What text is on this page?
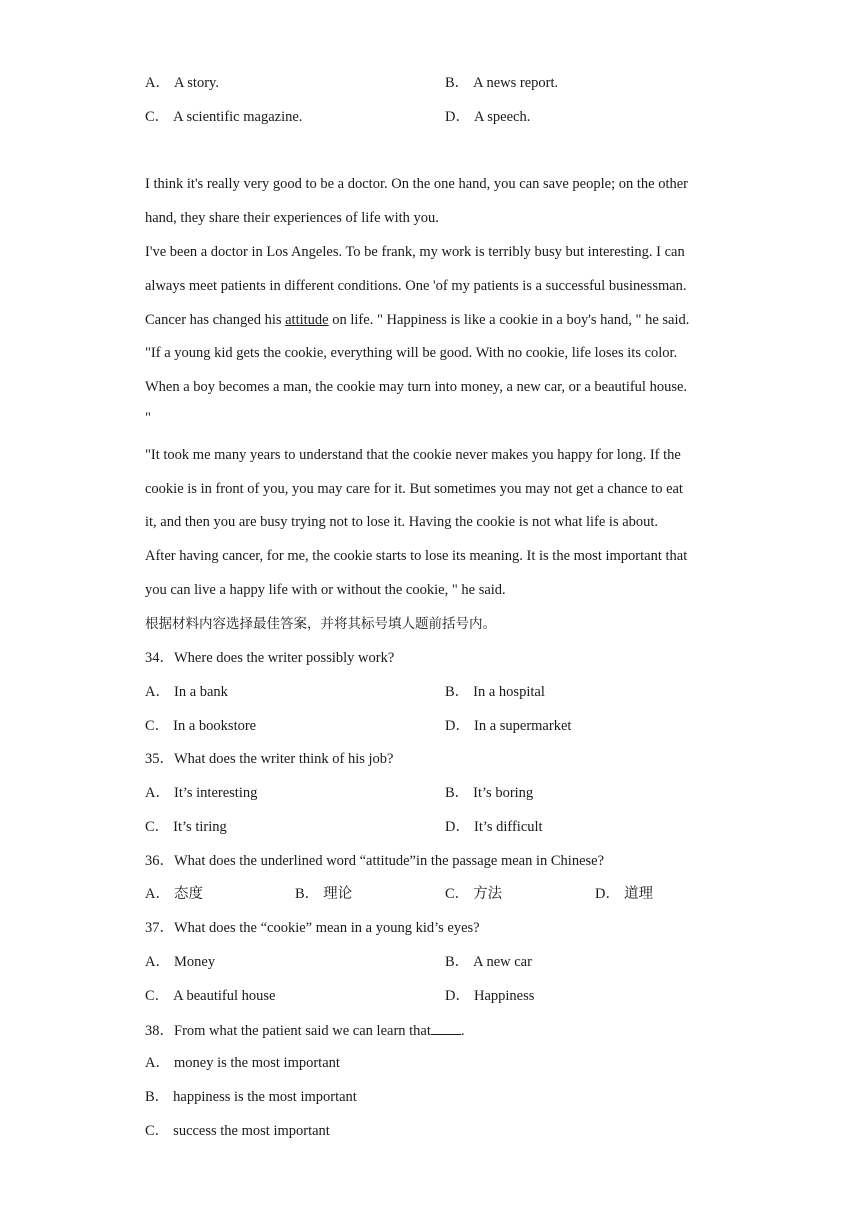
A． A story.	B． A news report.
C． A scientific magazine.	D． A speech.
I think it's really very good to be a doctor. On the one hand, you can save people; on the other
hand, they share their experiences of life with you.
I've been a doctor in Los Angeles. To be frank, my work is terribly busy but interesting. I can
always meet patients in different conditions. One 'of my patients is a successful businessman.
Cancer has changed his attitude on life. " Happiness is like a cookie in a boy's hand, " he said.
"If a young kid gets the cookie, everything will be good. With no cookie, life loses its color.
When a boy becomes a man, the cookie may turn into money, a new car, or a beautiful house.
"
"It took me many years to understand that the cookie never makes you happy for long. If the
cookie is in front of you, you may care for it. But sometimes you may not get a chance to eat
it, and then you are busy trying not to lose it. Having the cookie is not what life is about.
After having cancer, for me, the cookie starts to lose its meaning. It is the most important that
you can live a happy life with or without the cookie, " he said.
根据材料内容选择最佳答案，并将其标号填人题前括号内。
34．Where does the writer possibly work?
A． In a bank	B． In a hospital
C． In a bookstore	D． In a supermarket
35．What does the writer think of his job?
A． It’s interesting	B． It’s boring
C． It’s tiring	D． It’s difficult
36．What does the underlined word “attitude”in the passage mean in Chinese?
A． 态度	B． 理论	C． 方法	D． 道理
37．What does the “cookie” mean in a young kid’s eyes?
A． Money	B． A new car
C． A beautiful house	D． Happiness
38．From what the patient said we can learn that .
A． money is the most important
B． happiness is the most important
C． success the most important
